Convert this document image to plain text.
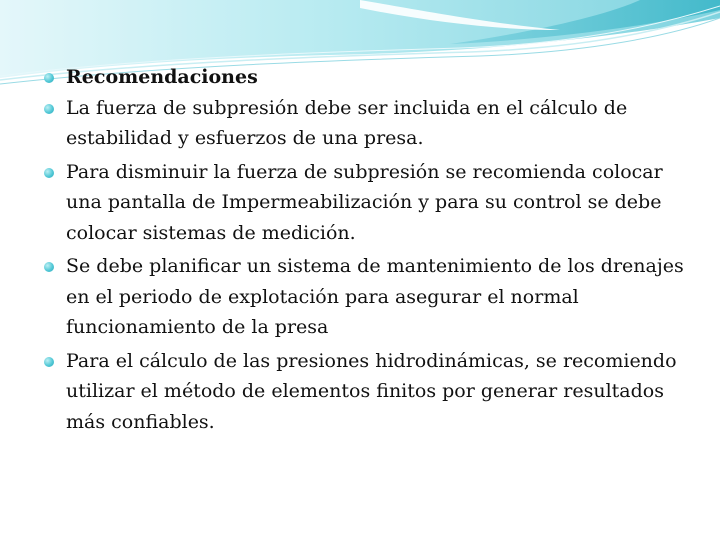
Recomendaciones
La fuerza de subpresión debe ser incluida en el cálculo de estabilidad y esfuerzos de una presa.
Para disminuir la fuerza de subpresión se recomienda colocar una pantalla de Impermeabilización y para su control se debe colocar sistemas de medición.
Se debe planificar un sistema de mantenimiento de los drenajes en el periodo de explotación para asegurar el normal funcionamiento de la presa
Para el cálculo de las presiones hidrodinámicas, se recomiendo utilizar el método de elementos finitos por generar resultados más confiables.
